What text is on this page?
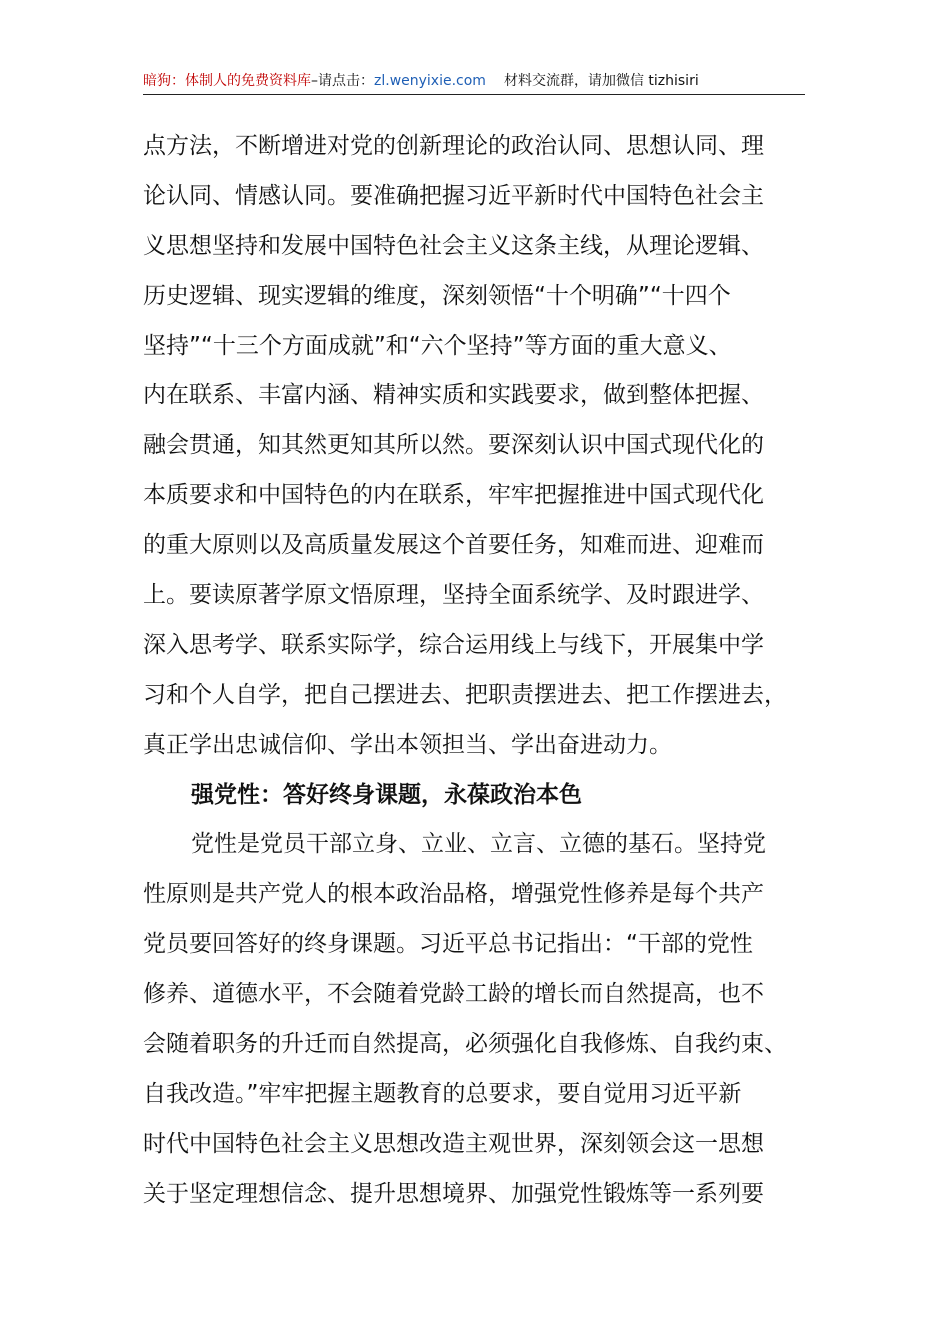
暗狗：体制人的免费资料库–请点击：zl.wenyixie.com 材料交流群，请加微信 tizhisiri
点方法，不断增进对党的创新理论的政治认同、思想认同、理
论认同、情感认同。要准确把握习近平新时代中国特色社会主
义思想坚持和发展中国特色社会主义这条主线，从理论逻辑、
历史逻辑、现实逻辑的维度，深刻领悟“十个明确”“十四个
坚持”“十三个方面成就”和“六个坚持”等方面的重大意义、
内在联系、丰富内涵、精神实质和实践要求，做到整体把握、
融会贯通，知其然更知其所以然。要深刻认识中国式现代化的
本质要求和中国特色的内在联系，牢牢把握推进中国式现代化
的重大原则以及高质量发展这个首要任务，知难而进、迎难而
上。要读原著学原文悟原理，坚持全面系统学、及时跟进学、
深入思考学、联系实际学，综合运用线上与线下，开展集中学
习和个人自学，把自己摆进去、把职责摆进去、把工作摆进去，
真正学出忠诚信仰、学出本领担当、学出奋进动力。
强党性：答好终身课题，永葆政治本色
党性是党员干部立身、立业、立言、立德的基石。坚持党
性原则是共产党人的根本政治品格，增强党性修养是每个共产
党员要回答好的终身课题。习近平总书记指出：“干部的党性
修养、道德水平，不会随着党龄工龄的增长而自然提高，也不
会随着职务的升迁而自然提高，必须强化自我修炼、自我约束、
自我改造。”牢牢把握主题教育的总要求，要自觉用习近平新
时代中国特色社会主义思想改造主观世界，深刻领会这一思想
关于坚定理想信念、提升思想境界、加强党性锻炼等一系列要
